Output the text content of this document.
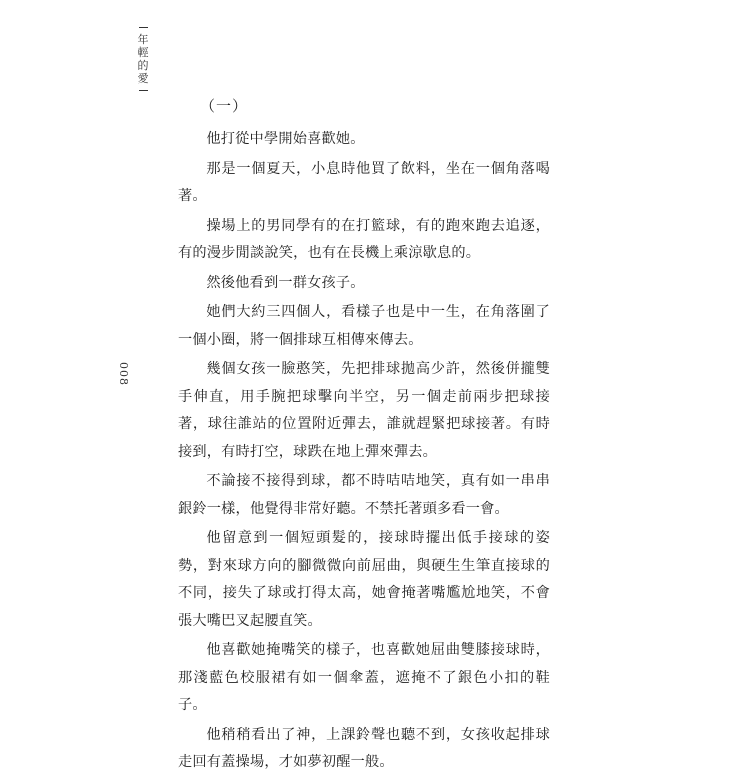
年
輕
的
愛
008
（一）

他打從中學開始喜歡她。

那是一個夏天，小息時他買了飲料，坐在一個角落喝著。

操場上的男同學有的在打籃球，有的跑來跑去追逐，有的漫步閒談說笑，也有在長機上乘涼歇息的。

然後他看到一群女孩子。

她們大約三四個人，看樣子也是中一生，在角落圍了一個小圈，將一個排球互相傳來傳去。

幾個女孩一臉憨笑，先把排球拋高少許，然後併攏雙手伸直，用手腕把球擊向半空，另一個走前兩步把球接著，球往誰站的位置附近彈去，誰就趕緊把球接著。有時接到，有時打空，球跌在地上彈來彈去。

不論接不接得到球，都不時咭咭地笑，真有如一串串銀鈴一樣，他覺得非常好聽。不禁托著頭多看一會。

他留意到一個短頭髮的，接球時擺出低手接球的姿勢，對來球方向的腳微微向前屈曲，與硬生生筆直接球的不同，接失了球或打得太高，她會掩著嘴尷尬地笑，不會張大嘴巴叉起腰直笑。

他喜歡她掩嘴笑的樣子，也喜歡她屈曲雙膝接球時，那淺藍色校服裙有如一個傘蓋，遮掩不了銀色小扣的鞋子。

他稍稍看出了神，上課鈴聲也聽不到，女孩收起排球走回有蓋操場，才如夢初醒一般。
